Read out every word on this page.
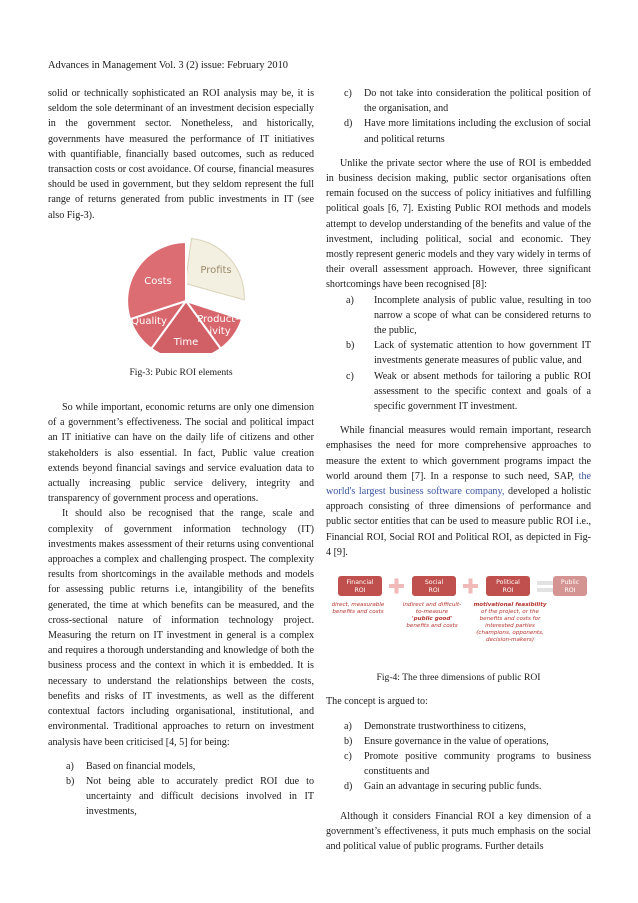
Advances in Management Vol. 3 (2) issue: February 2010

solid or technically sophisticated an ROI analysis may be, it is seldom the sole determinant of an investment decision especially in the government sector. Nonetheless, and historically, governments have measured the performance of IT initiatives with quantifiable, financially based outcomes, such as reduced transaction costs or cost avoidance. Of course, financial measures should be used in government, but they seldom represent the full range of returns generated from public investments in IT (see also Fig-3).

Profits
Product-ivity
Time
Quality
Costs
Fig-3: Pubic ROI elements

So while important, economic returns are only one dimension of a government’s effectiveness. The social and political impact an IT initiative can have on the daily life of citizens and other stakeholders is also essential. In fact, Public value creation extends beyond financial savings and service evaluation data to actually increasing public service delivery, integrity and transparency of government process and operations.

It should also be recognised that the range, scale and complexity of government information technology (IT) investments makes assessment of their returns using conventional approaches a complex and challenging prospect. The complexity results from shortcomings in the available methods and models for assessing public returns i.e, intangibility of the benefits generated, the time at which benefits can be measured, and the cross-sectional nature of information technology project. Measuring the return on IT investment in general is a complex and requires a thorough understanding and knowledge of both the business process and the context in which it is embedded. It is necessary to understand the relationships between the costs, benefits and risks of IT investments, as well as the different contextual factors including organisational, institutional, and environmental. Traditional approaches to return on investment analysis have been criticised [4, 5] for being:

a) Based on financial models,
b) Not being able to accurately predict ROI due to uncertainty and difficult decisions involved in IT investments,
c) Do not take into consideration the political position of the organisation, and
d) Have more limitations including the exclusion of social and political returns

Unlike the private sector where the use of ROI is embedded in business decision making, public sector organisations often remain focused on the success of policy initiatives and fulfilling political goals [6, 7]. Existing Public ROI methods and models attempt to develop understanding of the benefits and value of the investment, including political, social and economic. They mostly represent generic models and they vary widely in terms of their overall assessment approach. However, three significant shortcomings have been recognised [8]:

a) Incomplete analysis of public value, resulting in too narrow a scope of what can be considered returns to the public,
b) Lack of systematic attention to how government IT investments generate measures of public value, and
c) Weak or absent methods for tailoring a public ROI assessment to the specific context and goals of a specific government IT investment.

While financial measures would remain important, research emphasises the need for more comprehensive approaches to measure the extent to which government programs impact the world around them [7]. In a response to such need, SAP, the world's largest business software company, developed a holistic approach consisting of three dimensions of performance and public sector entities that can be used to measure public ROI i.e., Financial ROI, Social ROI and Political ROI, as depicted in Fig-4 [9].

Financial ROI
Social ROI
Political ROI
Public ROI
direct, measurable benefits and costs
indirect and difficult-to-measure 'public good' benefits and costs
motivational feasibility of the project, or the benefits and costs for interested parties (champions, opponents, decision-makers)
Fig-4: The three dimensions of public ROI

The concept is argued to:

a) Demonstrate trustworthiness to citizens,
b) Ensure governance in the value of operations,
c) Promote positive community programs to business constituents and
d) Gain an advantage in securing public funds.

Although it considers Financial ROI a key dimension of a government’s effectiveness, it puts much emphasis on the social and political value of public programs. Further details
